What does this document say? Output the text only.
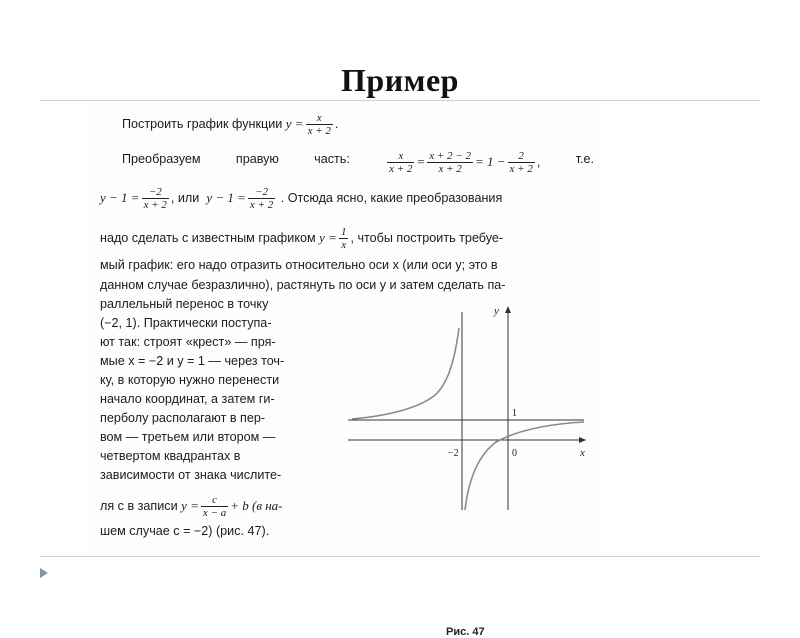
Пример
Построить график функции $y = \frac{x}{x + 2}$ .
Преобразуем	правую	часть:	$\frac{x}{x + 2} = \frac{x + 2 - 2}{x + 2} = 1 - \frac{2}{x + 2}$ ,	т.е.
$y - 1 = \frac{-2}{x + 2}$ , или $y - 1 = \frac{-2}{x + 2}$ . Отсюда ясно, какие преобразования
надо сделать с известным графиком $y = \frac{1}{x}$ , чтобы построить требуе-
мый график: его надо отразить относительно оси x (или оси y; это в
данном случае безразлично), растянуть по оси y и затем сделать па-
раллельный перенос в точку
(−2, 1). Практически поступа-
ют так: строят «крест» — пря-
мые x = −2 и y = 1 — через точ-
ку, в которую нужно перенести
начало координат, а затем ги-
перболу располагают в пер-
вом — третьем или втором —
четвертом квадрантах в
зависимости от знака числите-
ля c в записи $y = \frac{c}{x - a} + b$ (в на-
шем случае c = −2) (рис. 47).
y
x
1
−2	0
Рис. 47
